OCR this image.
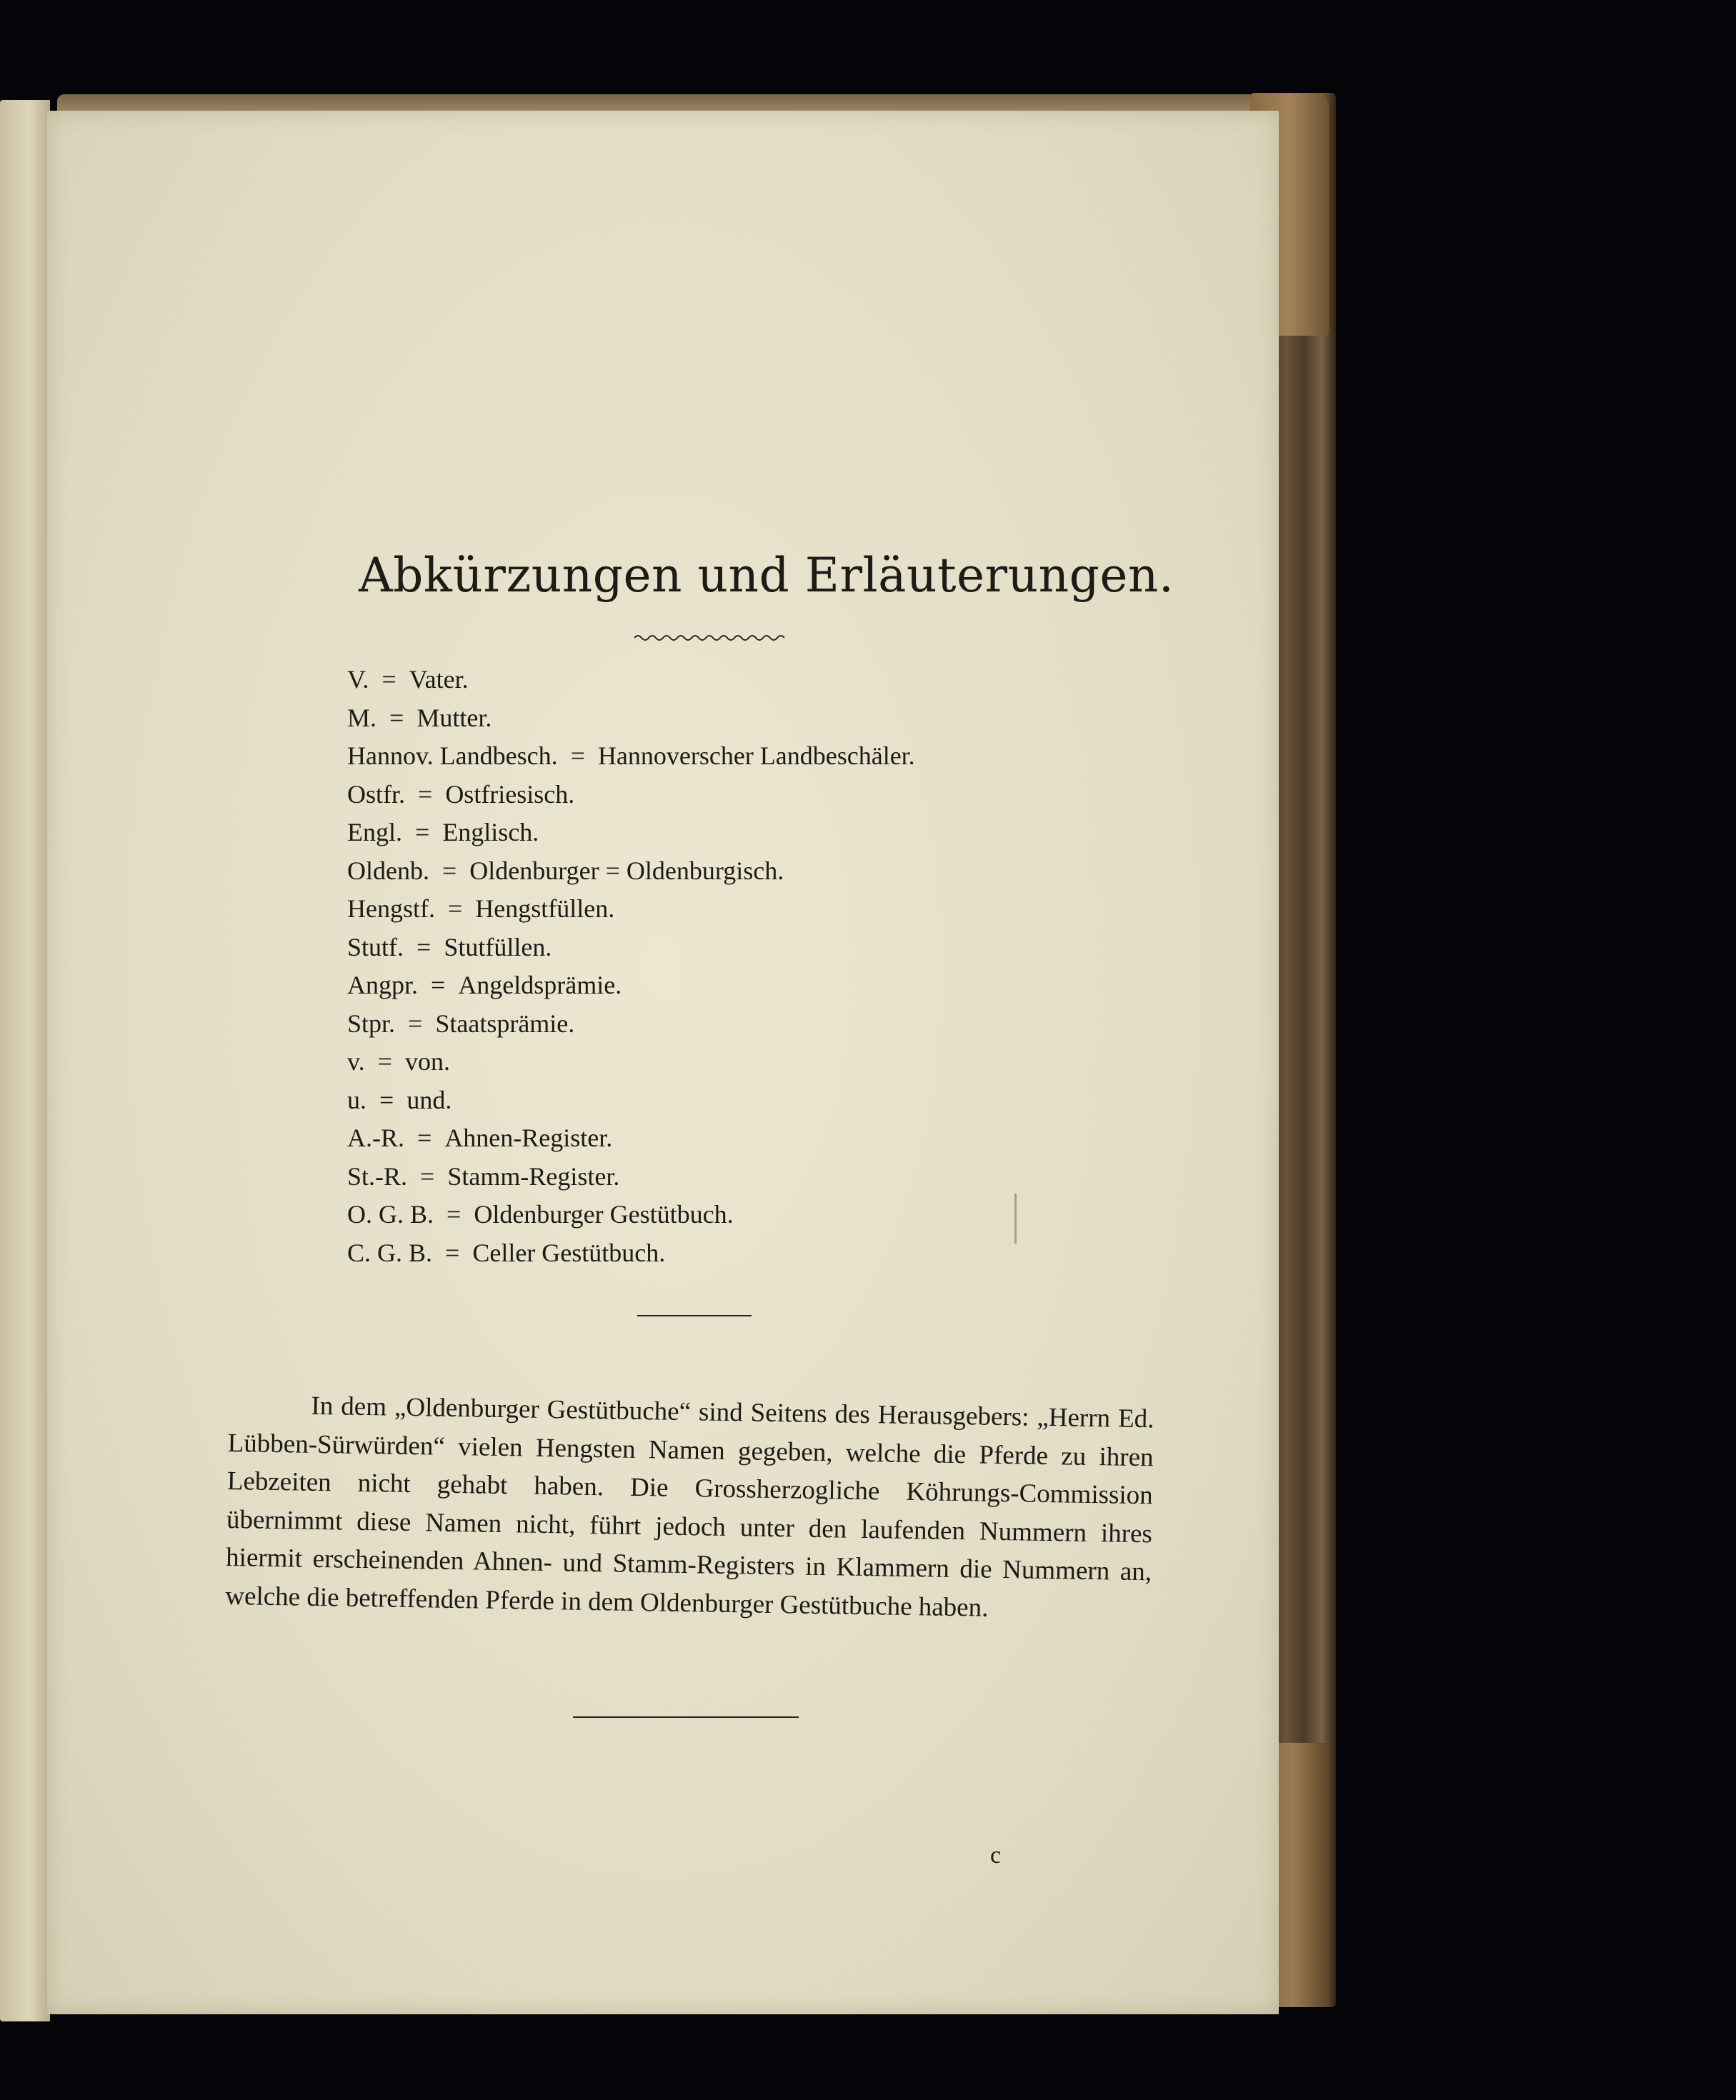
Abkürzungen und Erläuterungen.
V. = Vater.
M. = Mutter.
Hannov. Landbesch. = Hannoverscher Landbeschäler.
Ostfr. = Ostfriesisch.
Engl. = Englisch.
Oldenb. = Oldenburger = Oldenburgisch.
Hengstf. = Hengstfüllen.
Stutf. = Stutfüllen.
Angpr. = Angeldsprämie.
Stpr. = Staatsprämie.
v. = von.
u. = und.
A.-R. = Ahnen-Register.
St.-R. = Stamm-Register.
O. G. B. = Oldenburger Gestütbuch.
C. G. B. = Celler Gestütbuch.

In dem „Oldenburger Gestütbuche“ sind Seitens des Herausgebers: „Herrn Ed. Lübben-Sürwürden“ vielen Hengsten Namen gegeben, welche die Pferde zu ihren Lebzeiten nicht gehabt haben. Die Grossherzogliche Köhrungs-Commission übernimmt diese Namen nicht, führt jedoch unter den laufenden Nummern ihres hiermit erscheinenden Ahnen- und Stamm-Registers in Klammern die Nummern an, welche die betreffenden Pferde in dem Oldenburger Gestütbuche haben.

c
